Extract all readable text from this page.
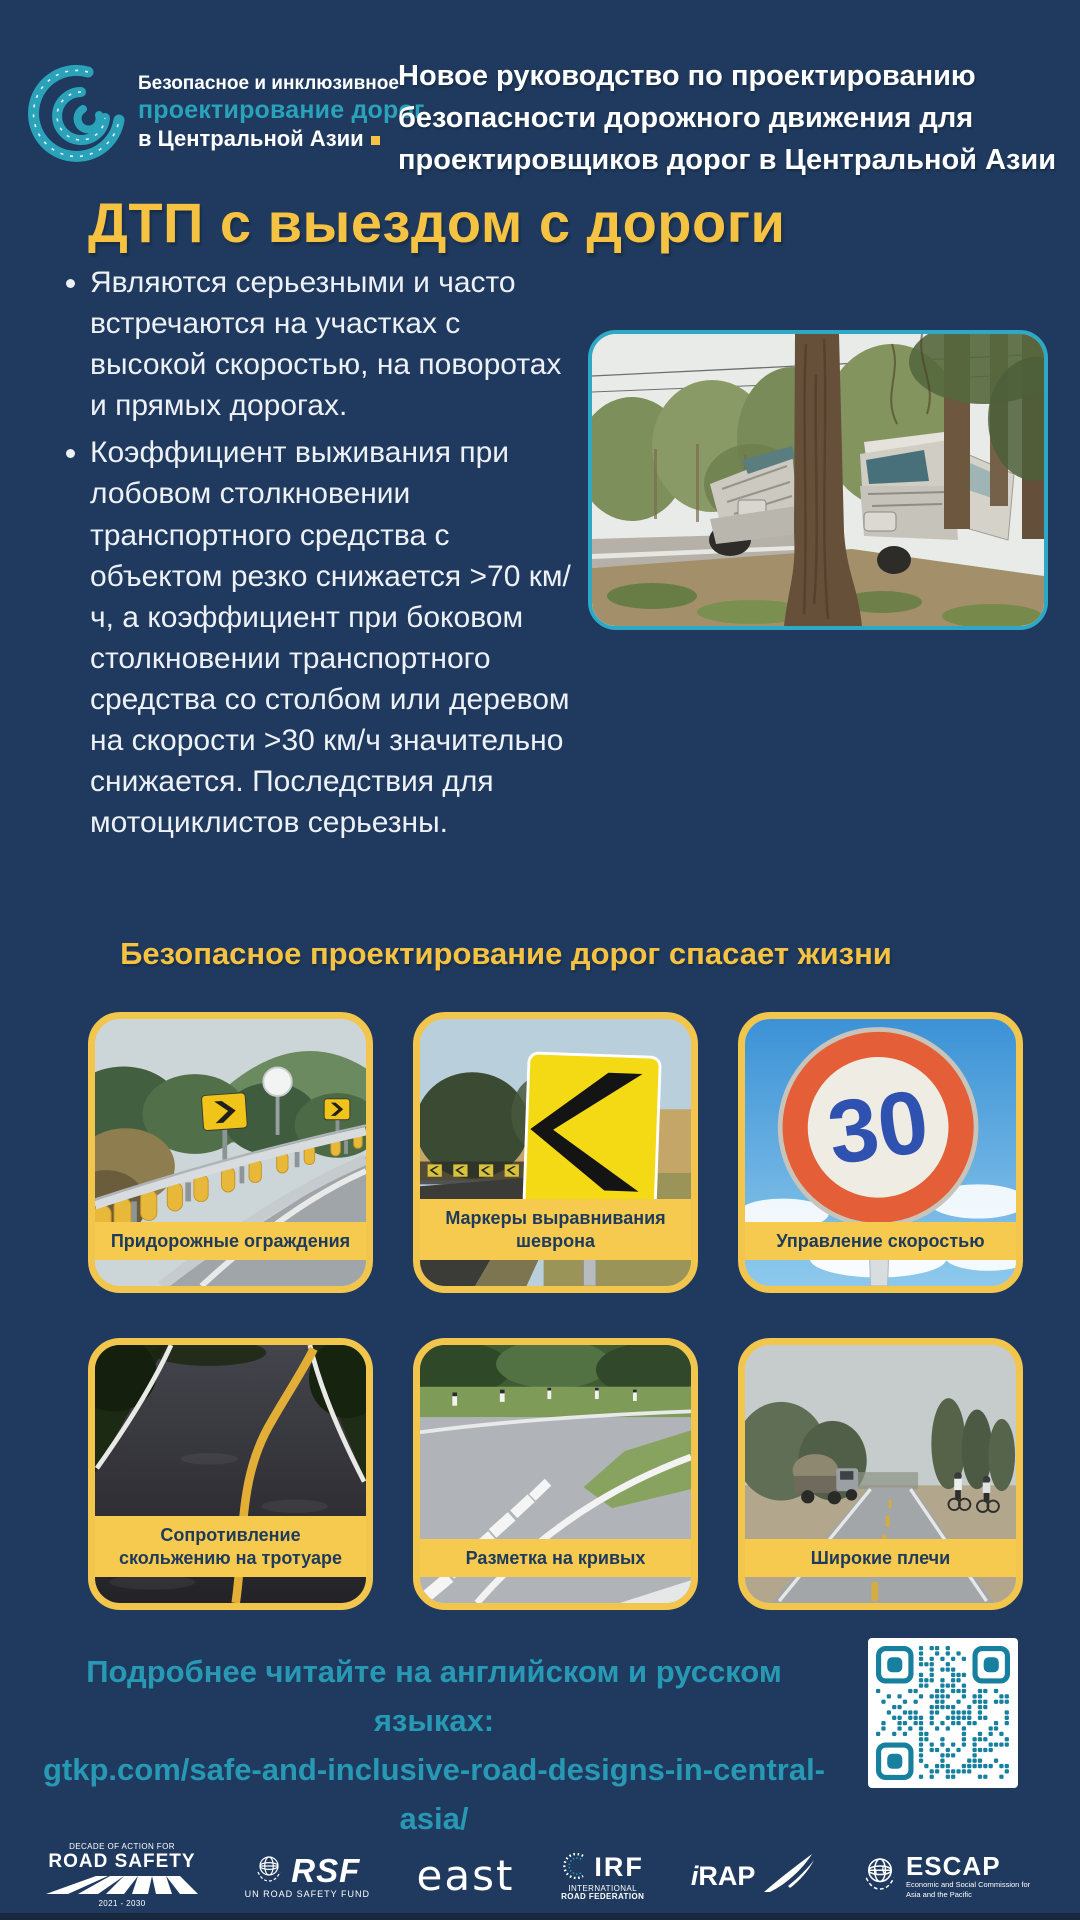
Безопасное и инклюзивное
проектирование дорог
в Центральной Азии
Новое руководство по проектированию безопасности дорожного движения для проектировщиков дорог в Центральной Азии
ДТП с выездом с дороги
• Являются серьезными и часто встречаются на участках с высокой скоростью, на поворотах и прямых дорогах.
• Коэффициент выживания при лобовом столкновении транспортного средства с объектом резко снижается >70 км/ч, а коэффициент при боковом столкновении транспортного средства со столбом или деревом на скорости >30 км/ч значительно снижается. Последствия для мотоциклистов серьезны.
Безопасное проектирование дорог спасает жизни
Придорожные ограждения
Маркеры выравнивания шеврона
30
Управление скоростью
Сопротивление скольжению на тротуаре	Разметка на кривых	Широкие плечи
Подробнее читайте на английском и русском языках:
gtkp.com/safe-and-inclusive-road-designs-in-central-asia/
DECADE OF ACTION FOR
ROAD SAFETY
2021 - 2030
RSF
UN ROAD SAFETY FUND east	IRF
INTERNATIONAL
ROAD FEDERATION
iRAP	ESCAP
Economic and Social Commission for Asia and the Pacific
